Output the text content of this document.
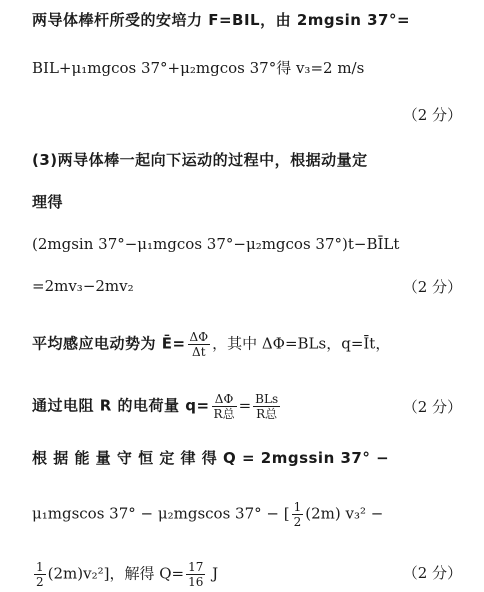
两导体棒杆所受的安培力 F=BIL，由 2mgsin 37°=
BIL+μ₁mgcos 37°+μ₂mgcos 37°得 v₃=2 m/s
（2 分）
(3)两导体棒一起向下运动的过程中，根据动量定
理得
(2mgsin 37°−μ₁mgcos 37°−μ₂mgcos 37°)t−BĪLt
=2mv₃−2mv₂	（2 分）
平均感应电动势为 Ē= $\frac{\Delta\Phi}{\Delta t}$ ，其中 ΔΦ=BLs，q=Īt，
通过电阻 R 的电荷量 $q= \frac{\Delta\Phi}{\text{R总}} = \frac{\text{BLs}}{\text{R总}}$	（2 分）
根 据 能 量 守 恒 定 律 得 Q = 2mgssin 37° −
μ₁mgscos 37° − μ₂mgscos 37° − [ $\frac{1}{2} (2m) v_3^2$ −
$\frac{1}{2} (2m)v_2^2$]，解得 $Q= \frac{17}{16}$ J	（2 分）
